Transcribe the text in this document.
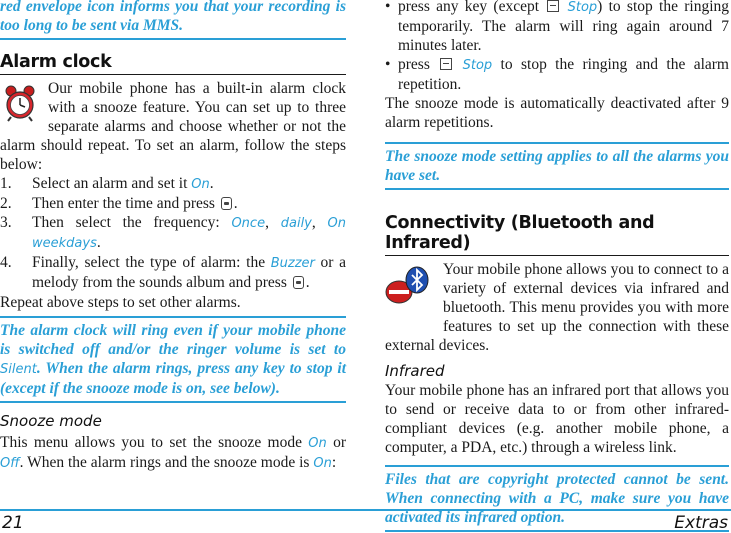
red envelope icon informs you that your recording is too long to be sent via MMS.
Alarm clock

Our mobile phone has a built-in alarm clock with a snooze feature. You can set up to three separate alarms and choose whether or not the alarm should repeat. To set an alarm, follow the steps below:

1. Select an alarm and set it On.
2. Then enter the time and press .
3. Then select the frequency: Once, daily, On weekdays.
4. Finally, select the type of alarm: the Buzzer or a melody from the sounds album and press .

Repeat above steps to set other alarms.

The alarm clock will ring even if your mobile phone is switched off and/or the ringer volume is set to Silent. When the alarm rings, press any key to stop it (except if the snooze mode is on, see below).
Snooze mode

This menu allows you to set the snooze mode On or Off. When the alarm rings and the snooze mode is On:

• press any key (except  Stop) to stop the ringing temporarily. The alarm will ring again around 7 minutes later.
• press  Stop to stop the ringing and the alarm repetition.

The snooze mode is automatically deactivated after 9 alarm repetitions.

The snooze mode setting applies to all the alarms you have set.
Connectivity (Bluetooth and Infrared)

Your mobile phone allows you to connect to a variety of external devices via infrared and bluetooth. This menu provides you with more features to set up the connection with these external devices.

Infrared

Your mobile phone has an infrared port that allows you to send or receive data to or from other infrared-compliant devices (e.g. another mobile phone, a computer, a PDA, etc.) through a wireless link.

Files that are copyright protected cannot be sent. When connecting with a PC, make sure you have activated its infrared option.
21	Extras
